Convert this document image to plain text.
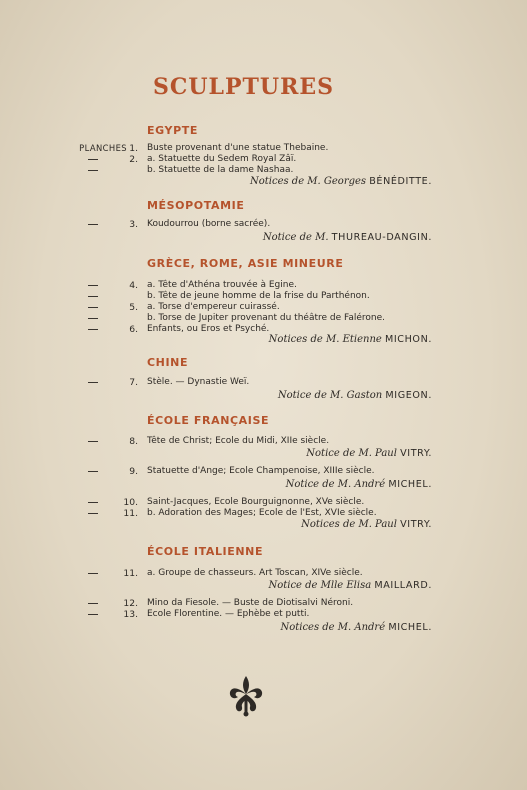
SCULPTURES
EGYPTE
PLANCHES 1. Buste provenant d'une statue Thebaine.
2. a. Statuette du Sedem Royal Zâï.
b. Statuette de la dame Nashaa.
Notices de M. Georges BÉNÉDITTE.
MÉSOPOTAMIE
3. Koudourrou (borne sacrée).
Notice de M. THUREAU-DANGIN.
GRÈCE, ROME, ASIE MINEURE
4. a. Tête d'Athéna trouvée à Egine.
b. Tête de jeune homme de la frise du Parthénon.
5. a. Torse d'empereur cuirassé.
b. Torse de Jupiter provenant du théâtre de Falérone.
6. Enfants, ou Eros et Psyché.
Notices de M. Etienne MICHON.
CHINE
7. Stèle. — Dynastie Weï.
Notice de M. Gaston MIGEON.
ÉCOLE FRANÇAISE
8. Tête de Christ; Ecole du Midi, XIIe siècle.
Notice de M. Paul VITRY.
9. Statuette d'Ange; Ecole Champenoise, XIIIe siècle.
Notice de M. André MICHEL.
10. Saint-Jacques, Ecole Bourguignonne, XVe siècle.
11. b. Adoration des Mages; Ecole de l'Est, XVIe siècle.
Notices de M. Paul VITRY.
ÉCOLE ITALIENNE
11. a. Groupe de chasseurs. Art Toscan, XIVe siècle.
Notice de Mlle Elisa MAILLARD.
12. Mino da Fiesole. — Buste de Diotisalvi Néroni.
13. Ecole Florentine. — Ephèbe et putti.
Notices de M. André MICHEL.
